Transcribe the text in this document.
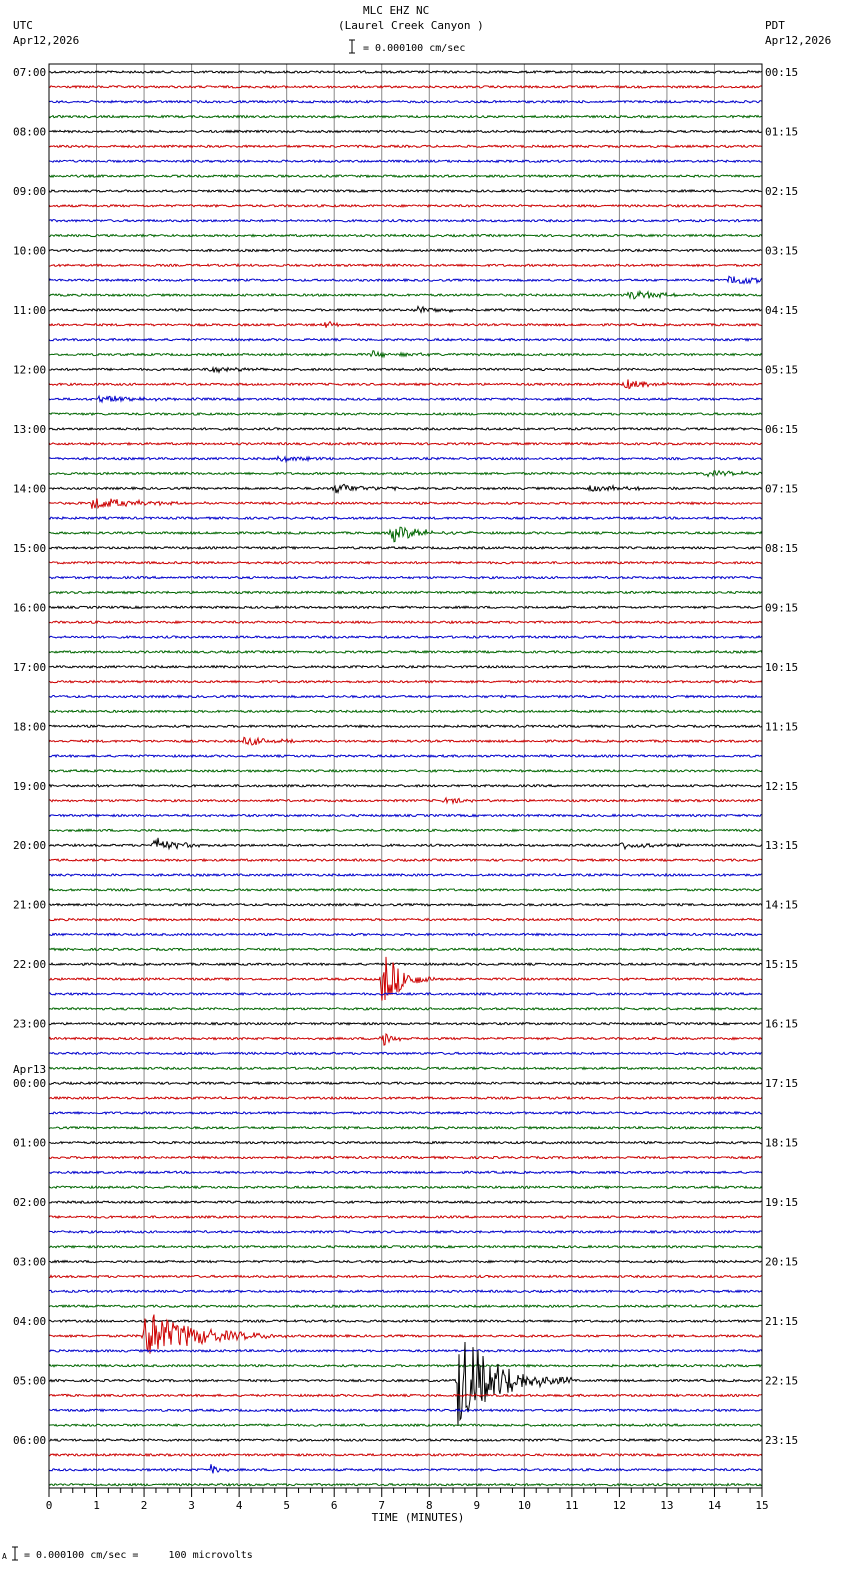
MLC EHZ NC
(Laurel Creek Canyon )
= 0.000100 cm/sec
UTC
Apr12,2026
PDT
Apr12,2026
A = 0.000100 cm/sec =     100 microvolts
0	1	2	3	4	5	6	7	8	9	10	11	12	13	14	15
TIME (MINUTES)
07:00
08:00
09:00
10:00
11:00
12:00
13:00
14:00
15:00
16:00
17:00
18:00
19:00
20:00
21:00
22:00
23:00
00:00
01:00
02:00
03:00
04:00
05:00
06:00
00:15
01:15
02:15
03:15
04:15
05:15
06:15
07:15
08:15
09:15
10:15
11:15
12:15
13:15
14:15
15:15
16:15
17:15
18:15
19:15
20:15
21:15
22:15
23:15
Apr13
